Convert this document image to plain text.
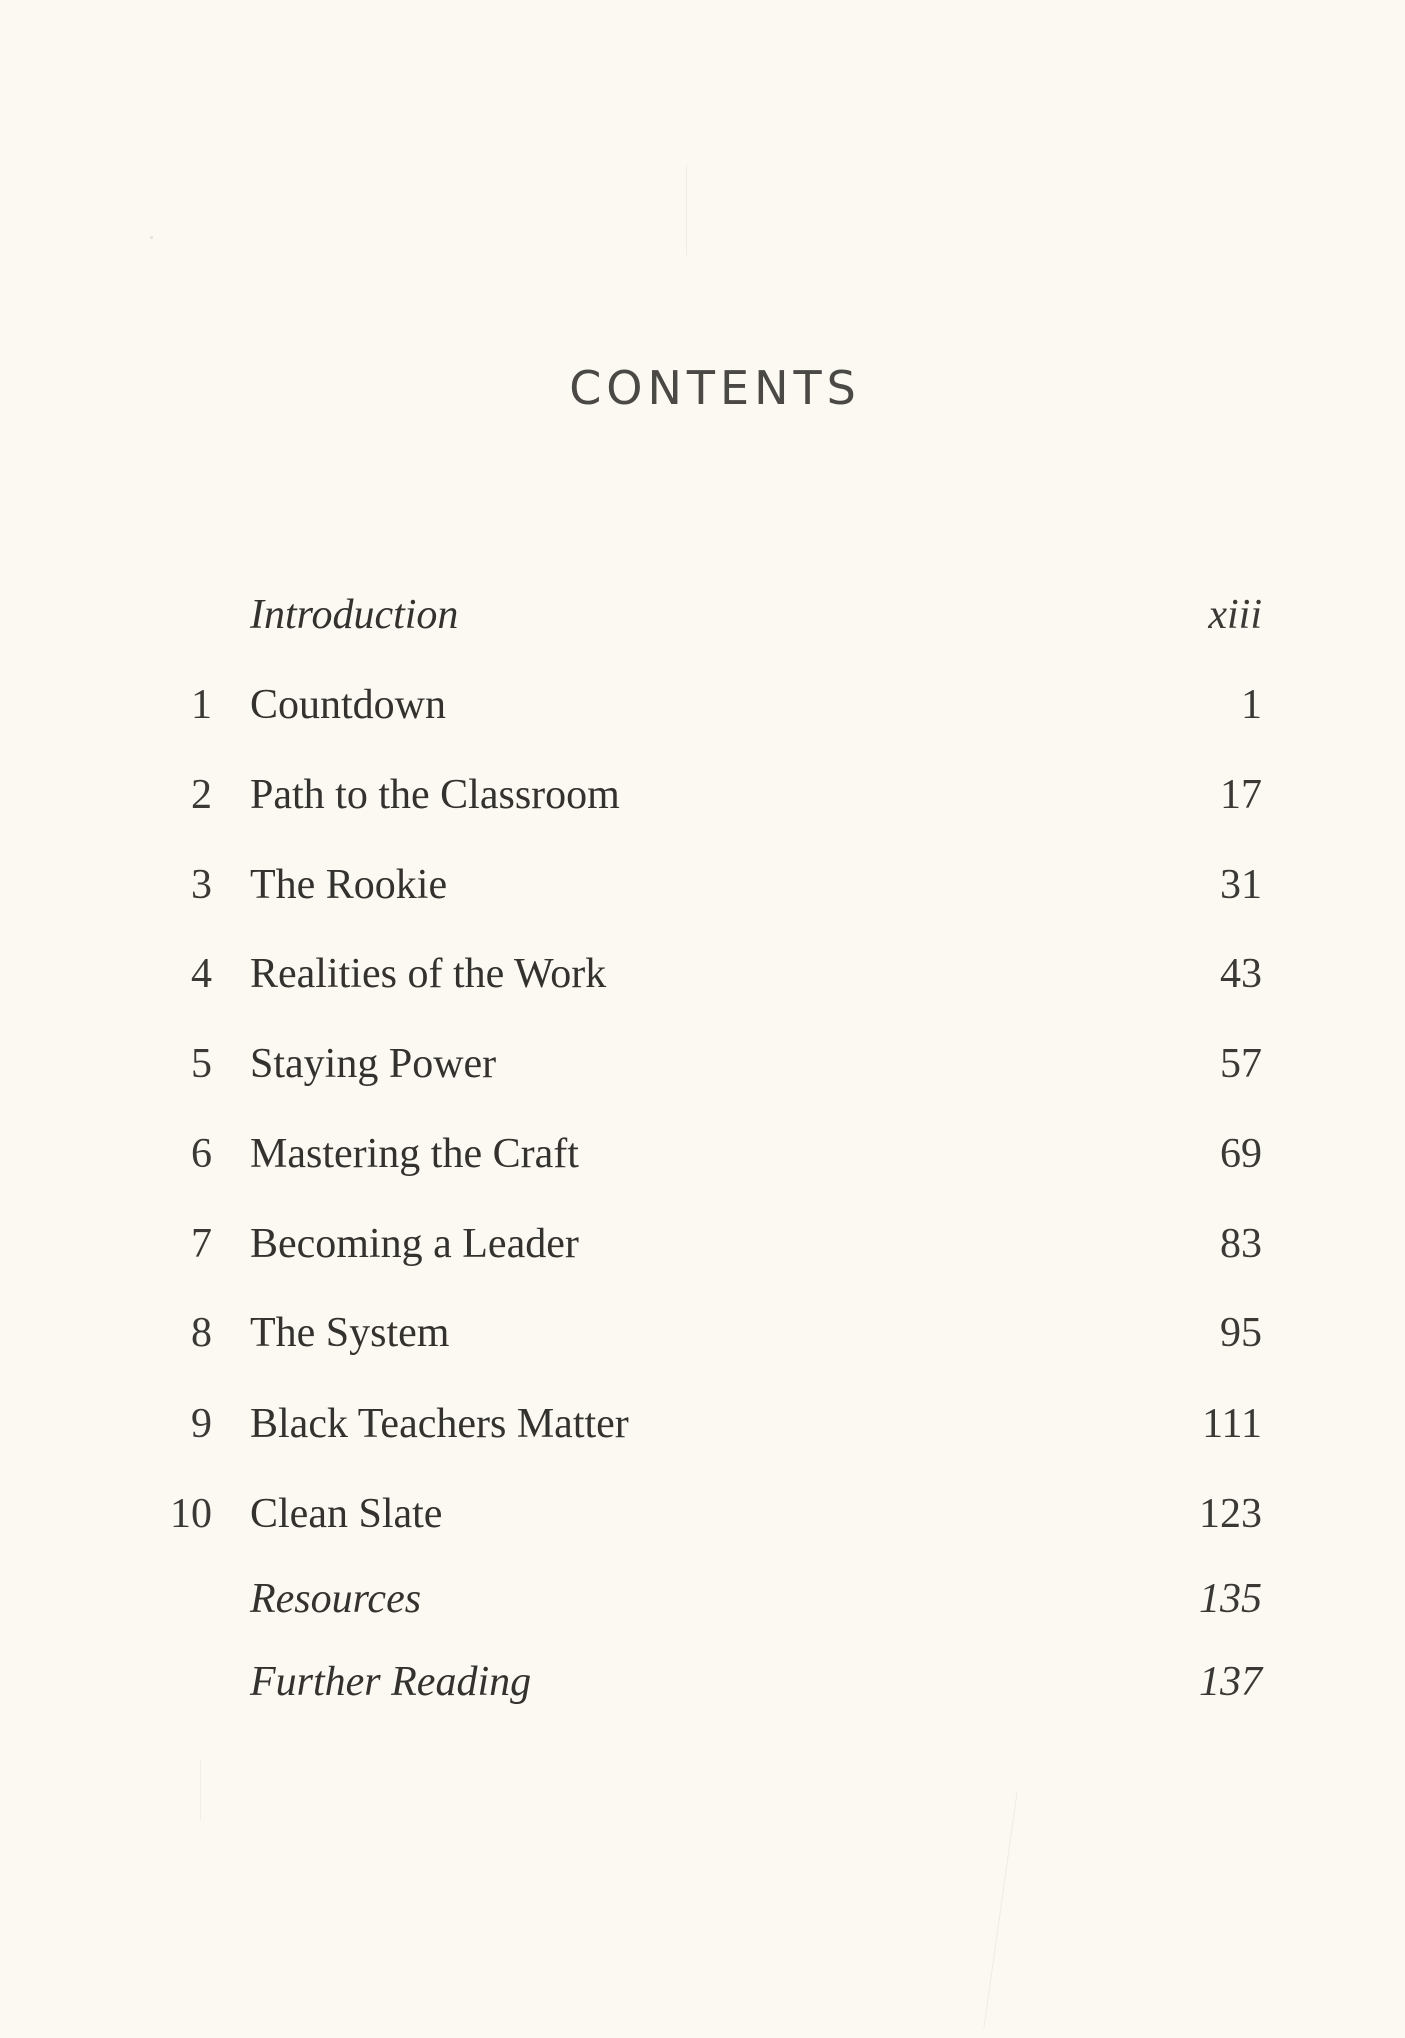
CONTENTS
Introduction	xiii
1 Countdown	1
2 Path to the Classroom	17
3 The Rookie	31
4 Realities of the Work	43
5 Staying Power	57
6 Mastering the Craft	69
7 Becoming a Leader	83
8 The System	95
9 Black Teachers Matter	111
10 Clean Slate	123
Resources	135
Further Reading	137
